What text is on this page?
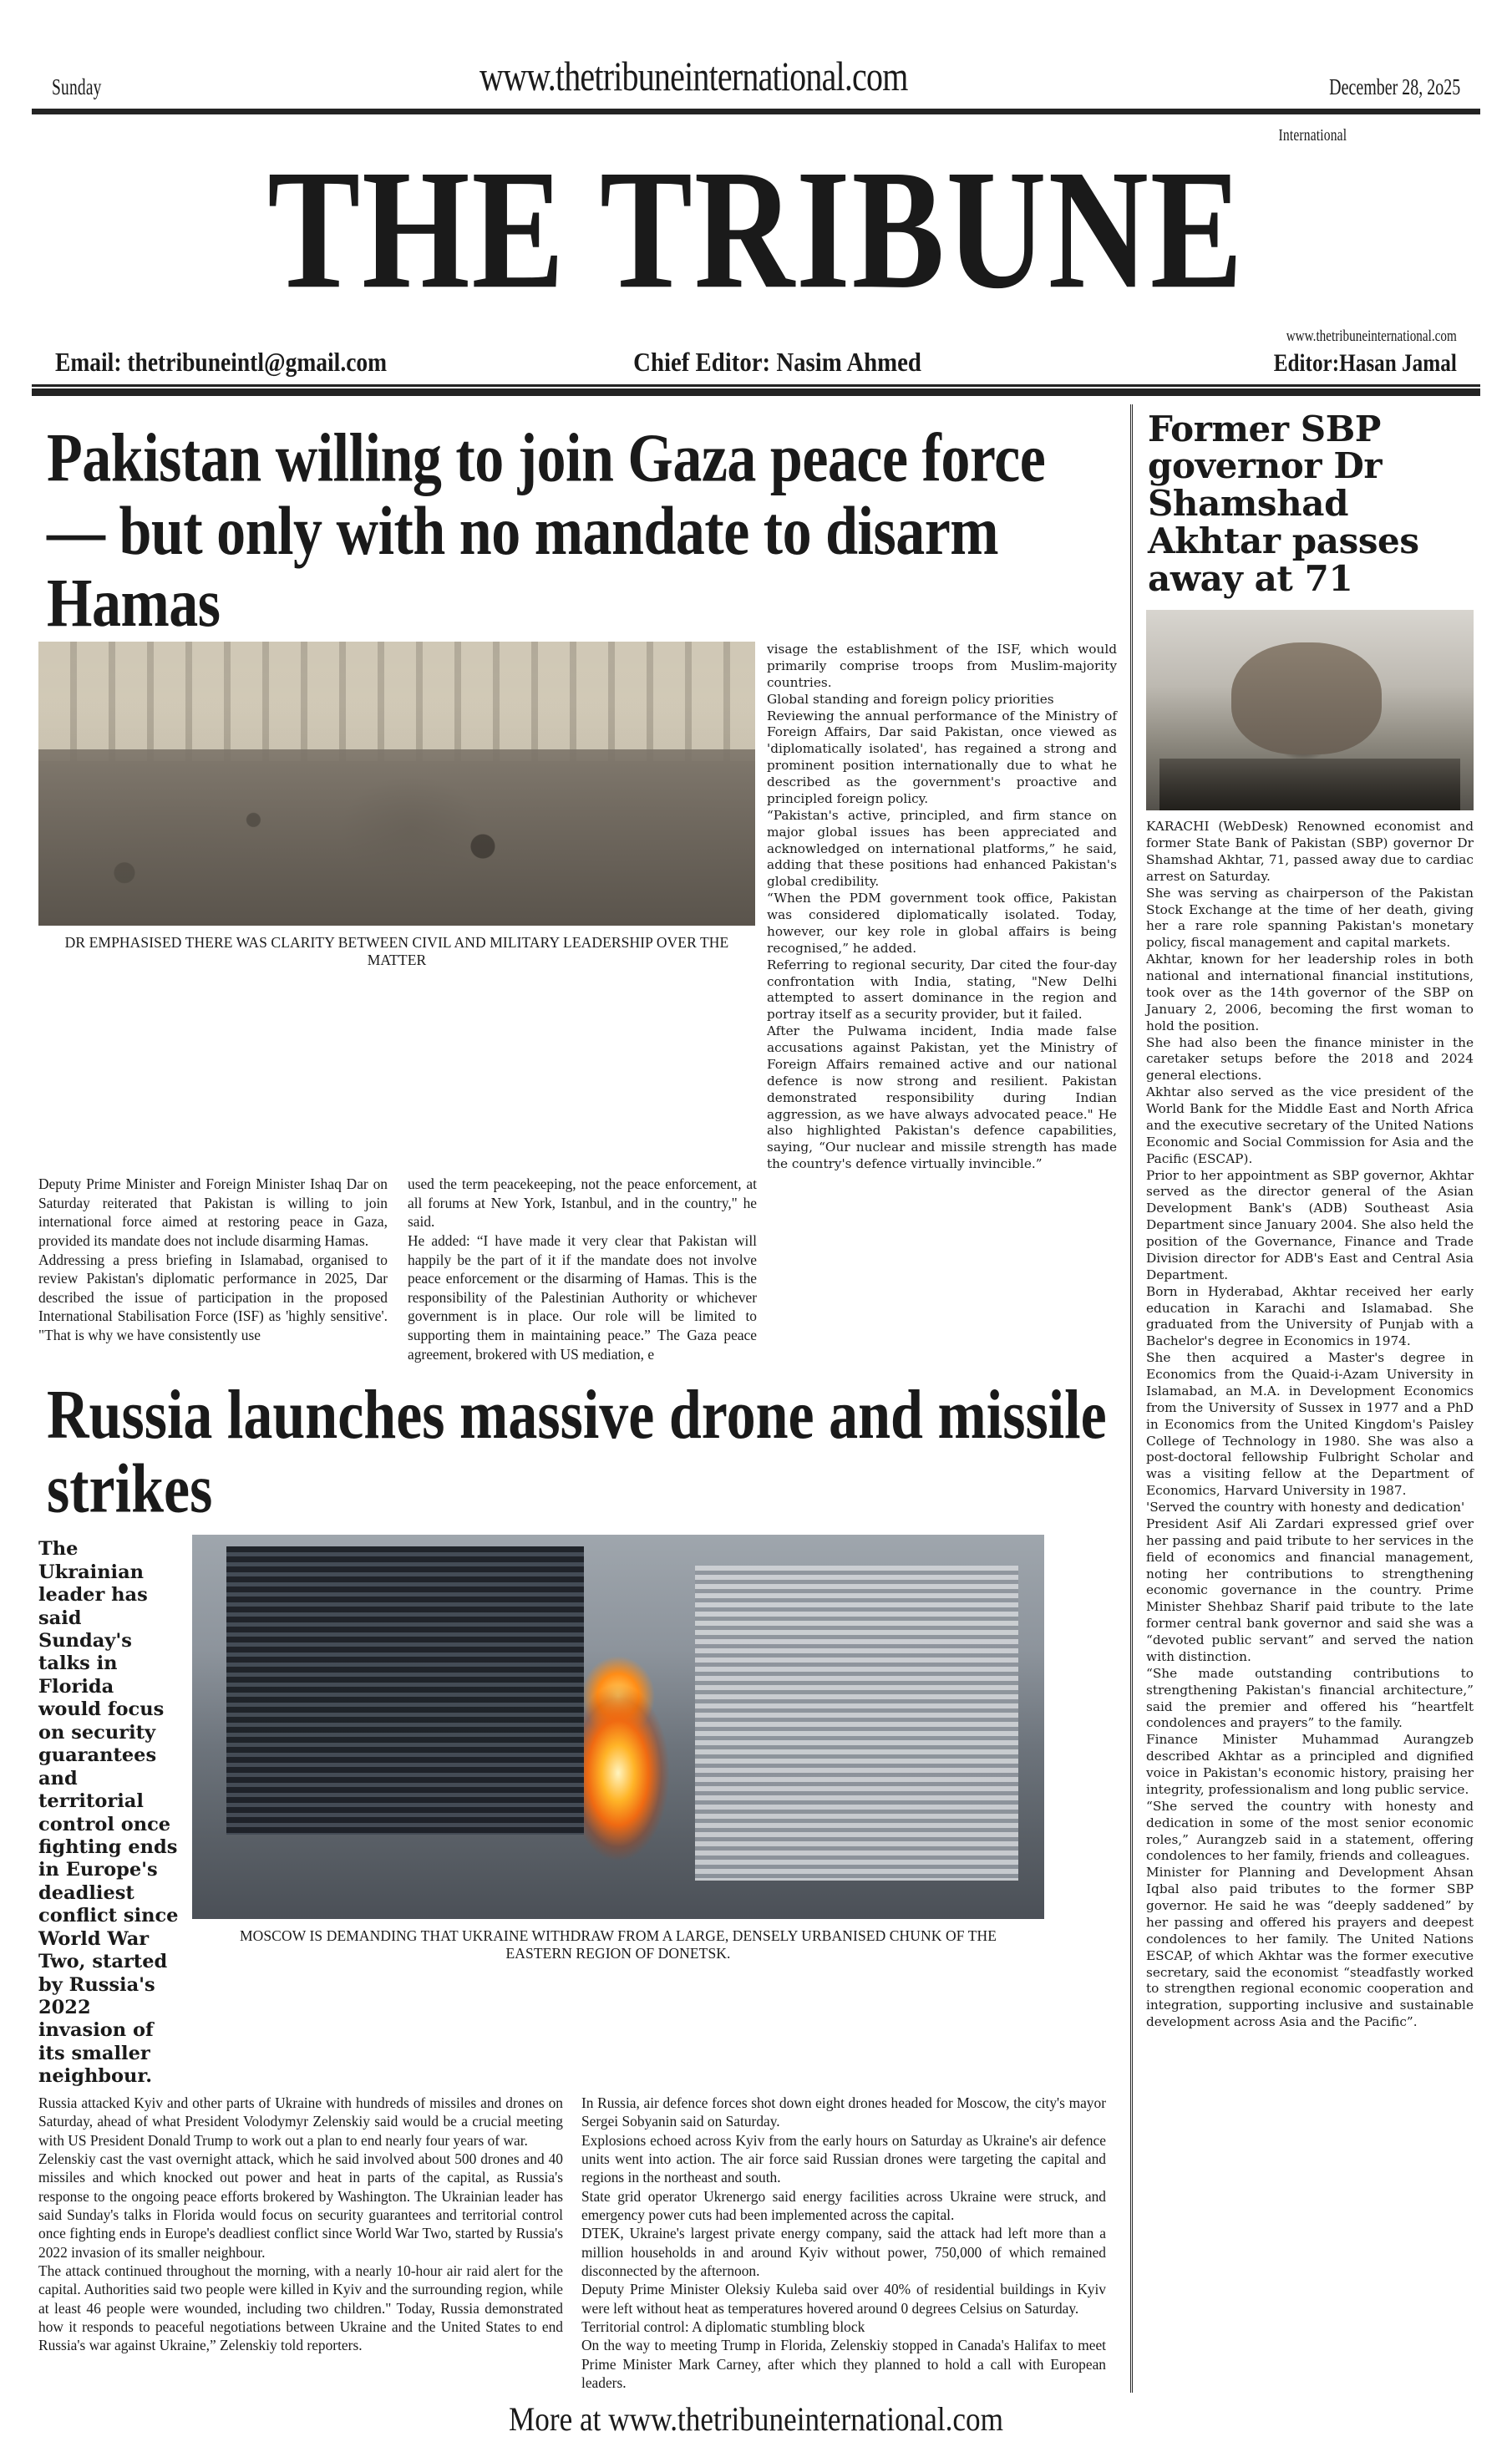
Sunday	www.thetribuneinternational.com	December 28, 2o25
International
THE TRIBUNE
Email: thetribuneintl@gmail.com	Chief Editor: Nasim Ahmed
www.thetribuneinternational.com
Editor:Hasan Jamal
Pakistan willing to join Gaza peace force — but only with no mandate to disarm Hamas
DR EMPHASISED THERE WAS CLARITY BETWEEN CIVIL AND MILITARY LEADERSHIP OVER THE MATTER

visage the establishment of the ISF, which would primarily comprise troops from Muslim-majority countries.
Global standing and foreign policy priorities
Reviewing the annual performance of the Ministry of Foreign Affairs, Dar said Pakistan, once viewed as 'diplomatically isolated', has regained a strong and prominent position internationally due to what he described as the government's proactive and principled foreign policy.
“Pakistan's active, principled, and firm stance on major global issues has been appreciated and acknowledged on international platforms,” he said, adding that these positions had enhanced Pakistan's global credibility.
“When the PDM government took office, Pakistan was considered diplomatically isolated. Today, however, our key role in global affairs is being recognised,” he added.
Referring to regional security, Dar cited the four-day confrontation with India, stating, "New Delhi attempted to assert dominance in the region and portray itself as a security provider, but it failed.
After the Pulwama incident, India made false accusations against Pakistan, yet the Ministry of Foreign Affairs remained active and our national defence is now strong and resilient. Pakistan demonstrated responsibility during Indian aggression, as we have always advocated peace." He also highlighted Pakistan's defence capabilities, saying, “Our nuclear and missile strength has made the country's defence virtually invincible.”

Deputy Prime Minister and Foreign Minister Ishaq Dar on Saturday reiterated that Pakistan is willing to join international force aimed at restoring peace in Gaza, provided its mandate does not include disarming Hamas.
Addressing a press briefing in Islamabad, organised to review Pakistan's diplomatic performance in 2025, Dar described the issue of participation in the proposed International Stabilisation Force (ISF) as 'highly sensitive'. "That is why we have consistently use

used the term peacekeeping, not the peace enforcement, at all forums at New York, Istanbul, and in the country," he said.
He added: “I have made it very clear that Pakistan will happily be the part of it if the mandate does not involve peace enforcement or the disarming of Hamas. This is the responsibility of the Palestinian Authority or whichever government is in place. Our role will be limited to supporting them in maintaining peace.” The Gaza peace agreement, brokered with US mediation, e

Russia launches massive drone and missile strikes
The Ukrainian leader has said Sunday's talks in Florida would focus on security guarantees and territorial control once fighting ends in Europe's deadliest conflict since World War Two, started by Russia's 2022 invasion of its smaller neighbour.
MOSCOW IS DEMANDING THAT UKRAINE WITHDRAW FROM A LARGE, DENSELY URBANISED CHUNK OF THE EASTERN REGION OF DONETSK.

Russia attacked Kyiv and other parts of Ukraine with hundreds of missiles and drones on Saturday, ahead of what President Volodymyr Zelenskiy said would be a crucial meeting with US President Donald Trump to work out a plan to end nearly four years of war.
Zelenskiy cast the vast overnight attack, which he said involved about 500 drones and 40 missiles and which knocked out power and heat in parts of the capital, as Russia's response to the ongoing peace efforts brokered by Washington. The Ukrainian leader has said Sunday's talks in Florida would focus on security guarantees and territorial control once fighting ends in Europe's deadliest conflict since World War Two, started by Russia's 2022 invasion of its smaller neighbour.
The attack continued throughout the morning, with a nearly 10-hour air raid alert for the capital. Authorities said two people were killed in Kyiv and the surrounding region, while at least 46 people were wounded, including two children." Today, Russia demonstrated how it responds to peaceful negotiations between Ukraine and the United States to end Russia's war against Ukraine,” Zelenskiy told reporters.

In Russia, air defence forces shot down eight drones headed for Moscow, the city's mayor Sergei Sobyanin said on Saturday.
Explosions echoed across Kyiv from the early hours on Saturday as Ukraine's air defence units went into action. The air force said Russian drones were targeting the capital and regions in the northeast and south.
State grid operator Ukrenergo said energy facilities across Ukraine were struck, and emergency power cuts had been implemented across the capital.
DTEK, Ukraine's largest private energy company, said the attack had left more than a million households in and around Kyiv without power, 750,000 of which remained disconnected by the afternoon.
Deputy Prime Minister Oleksiy Kuleba said over 40% of residential buildings in Kyiv were left without heat as temperatures hovered around 0 degrees Celsius on Saturday.
Territorial control: A diplomatic stumbling block
On the way to meeting Trump in Florida, Zelenskiy stopped in Canada's Halifax to meet Prime Minister Mark Carney, after which they planned to hold a call with European leaders.

Former SBP governor Dr Shamshad Akhtar passes away at 71

KARACHI (WebDesk) Renowned economist and former State Bank of Pakistan (SBP) governor Dr Shamshad Akhtar, 71, passed away due to cardiac arrest on Saturday.
She was serving as chairperson of the Pakistan Stock Exchange at the time of her death, giving her a rare role spanning Pakistan's monetary policy, fiscal management and capital markets.
Akhtar, known for her leadership roles in both national and international financial institutions, took over as the 14th governor of the SBP on January 2, 2006, becoming the first woman to hold the position.
She had also been the finance minister in the caretaker setups before the 2018 and 2024 general elections.
Akhtar also served as the vice president of the World Bank for the Middle East and North Africa and the executive secretary of the United Nations Economic and Social Commission for Asia and the Pacific (ESCAP).
Prior to her appointment as SBP governor, Akhtar served as the director general of the Asian Development Bank's (ADB) Southeast Asia Department since January 2004. She also held the position of the Governance, Finance and Trade Division director for ADB's East and Central Asia Department.
Born in Hyderabad, Akhtar received her early education in Karachi and Islamabad. She graduated from the University of Punjab with a Bachelor's degree in Economics in 1974.
She then acquired a Master's degree in Economics from the Quaid-i-Azam University in Islamabad, an M.A. in Development Economics from the University of Sussex in 1977 and a PhD in Economics from the United Kingdom's Paisley College of Technology in 1980. She was also a post-doctoral fellowship Fulbright Scholar and was a visiting fellow at the Department of Economics, Harvard University in 1987.
'Served the country with honesty and dedication'
President Asif Ali Zardari expressed grief over her passing and paid tribute to her services in the field of economics and financial management, noting her contributions to strengthening economic governance in the country. Prime Minister Shehbaz Sharif paid tribute to the late former central bank governor and said she was a “devoted public servant” and served the nation with distinction.
“She made outstanding contributions to strengthening Pakistan's financial architecture,” said the premier and offered his “heartfelt condolences and prayers” to the family.
Finance Minister Muhammad Aurangzeb described Akhtar as a principled and dignified voice in Pakistan's economic history, praising her integrity, professionalism and long public service.
“She served the country with honesty and dedication in some of the most senior economic roles,” Aurangzeb said in a statement, offering condolences to her family, friends and colleagues.
Minister for Planning and Development Ahsan Iqbal also paid tributes to the former SBP governor. He said he was “deeply saddened” by her passing and offered his prayers and deepest condolences to her family. The United Nations ESCAP, of which Akhtar was the former executive secretary, said the economist “steadfastly worked to strengthen regional economic cooperation and integration, supporting inclusive and sustainable development across Asia and the Pacific”.

More at www.thetribuneinternational.com
